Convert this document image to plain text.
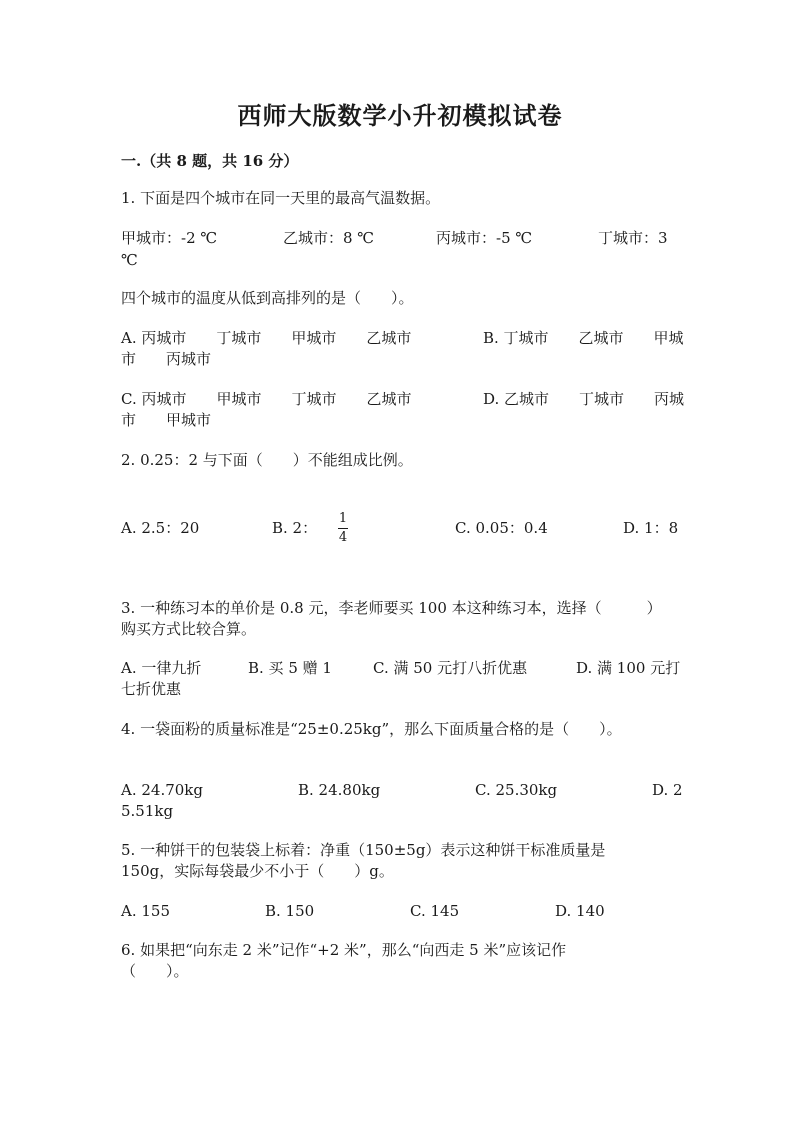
西师大版数学小升初模拟试卷
一.（共 8 题，共 16 分）
1. 下面是四个城市在同一天里的最高气温数据。
甲城市：-2 ℃	乙城市：8 ℃	丙城市：-5 ℃	丁城市：3
℃
四个城市的温度从低到高排列的是（　　）。
A. 丙城市　　丁城市　　甲城市　　乙城市	B. 丁城市　　乙城市　　甲城
市　　丙城市
C. 丙城市　　甲城市　　丁城市　　乙城市	D. 乙城市　　丁城市　　丙城
市　　甲城市
2. 0.25：2 与下面（　　）不能组成比例。
A. 2.5：20	B. 2：
1
4
C. 0.05：0.4	D. 1：8
3. 一种练习本的单价是 0.8 元，李老师要买 100 本这种练习本，选择（　　　）
购买方式比较合算。
A. 一律九折	B. 买 5 赠 1	C. 满 50 元打八折优惠	D. 满 100 元打
七折优惠
4. 一袋面粉的质量标准是“25±0.25kg”，那么下面质量合格的是（　　）。
A. 24.70kg	B. 24.80kg	C. 25.30kg	D. 2
5.51kg
5. 一种饼干的包装袋上标着：净重（150±5g）表示这种饼干标准质量是
150g，实际每袋最少不小于（　　）g。
A. 155	B. 150	C. 145	D. 140
6. 如果把“向东走 2 米”记作“+2 米”，那么“向西走 5 米”应该记作
（　　）。
